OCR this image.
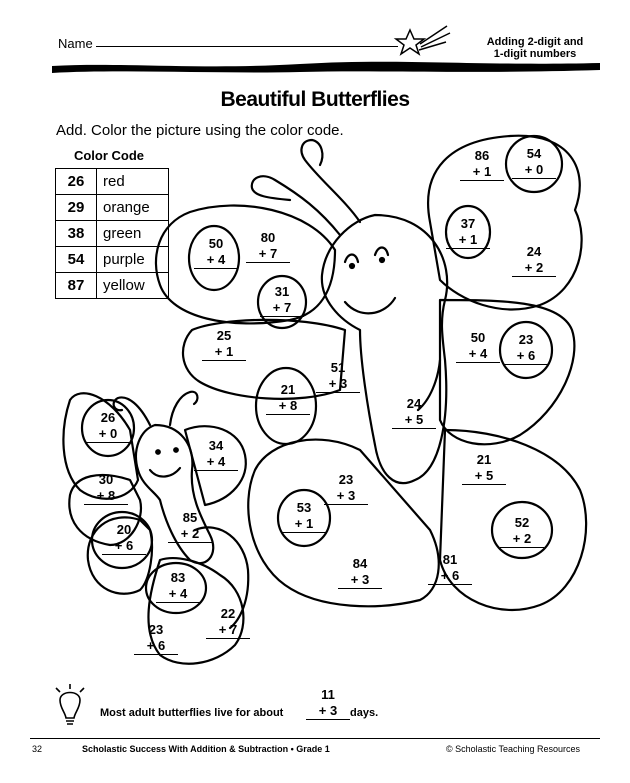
Name	Adding 2-digit and
1-digit numbers
Beautiful Butterflies
Add. Color the picture using the color code.
Color Code
26	red
29	orange
38	green
54	purple
87	yellow
86
+ 1
54
+ 0
50
+ 4
80
+ 7
37
+ 1
24
+ 2
31
+ 7
25
+ 1
50
+ 4
23
+ 6
51
+ 3
21
+ 8	24
+ 5
26
+ 0
34
+ 4	21
+ 5
30
+ 8
23
+ 3
53
+ 1
85
+ 2
20
+ 6
52
+ 2
84
+ 3
81
+ 6
83
+ 4
22
+ 7
23
+ 6
Most adult butterflies live for about
11
+ 3	days.
32	Scholastic Success With Addition & Subtraction • Grade 1	© Scholastic Teaching Resources
